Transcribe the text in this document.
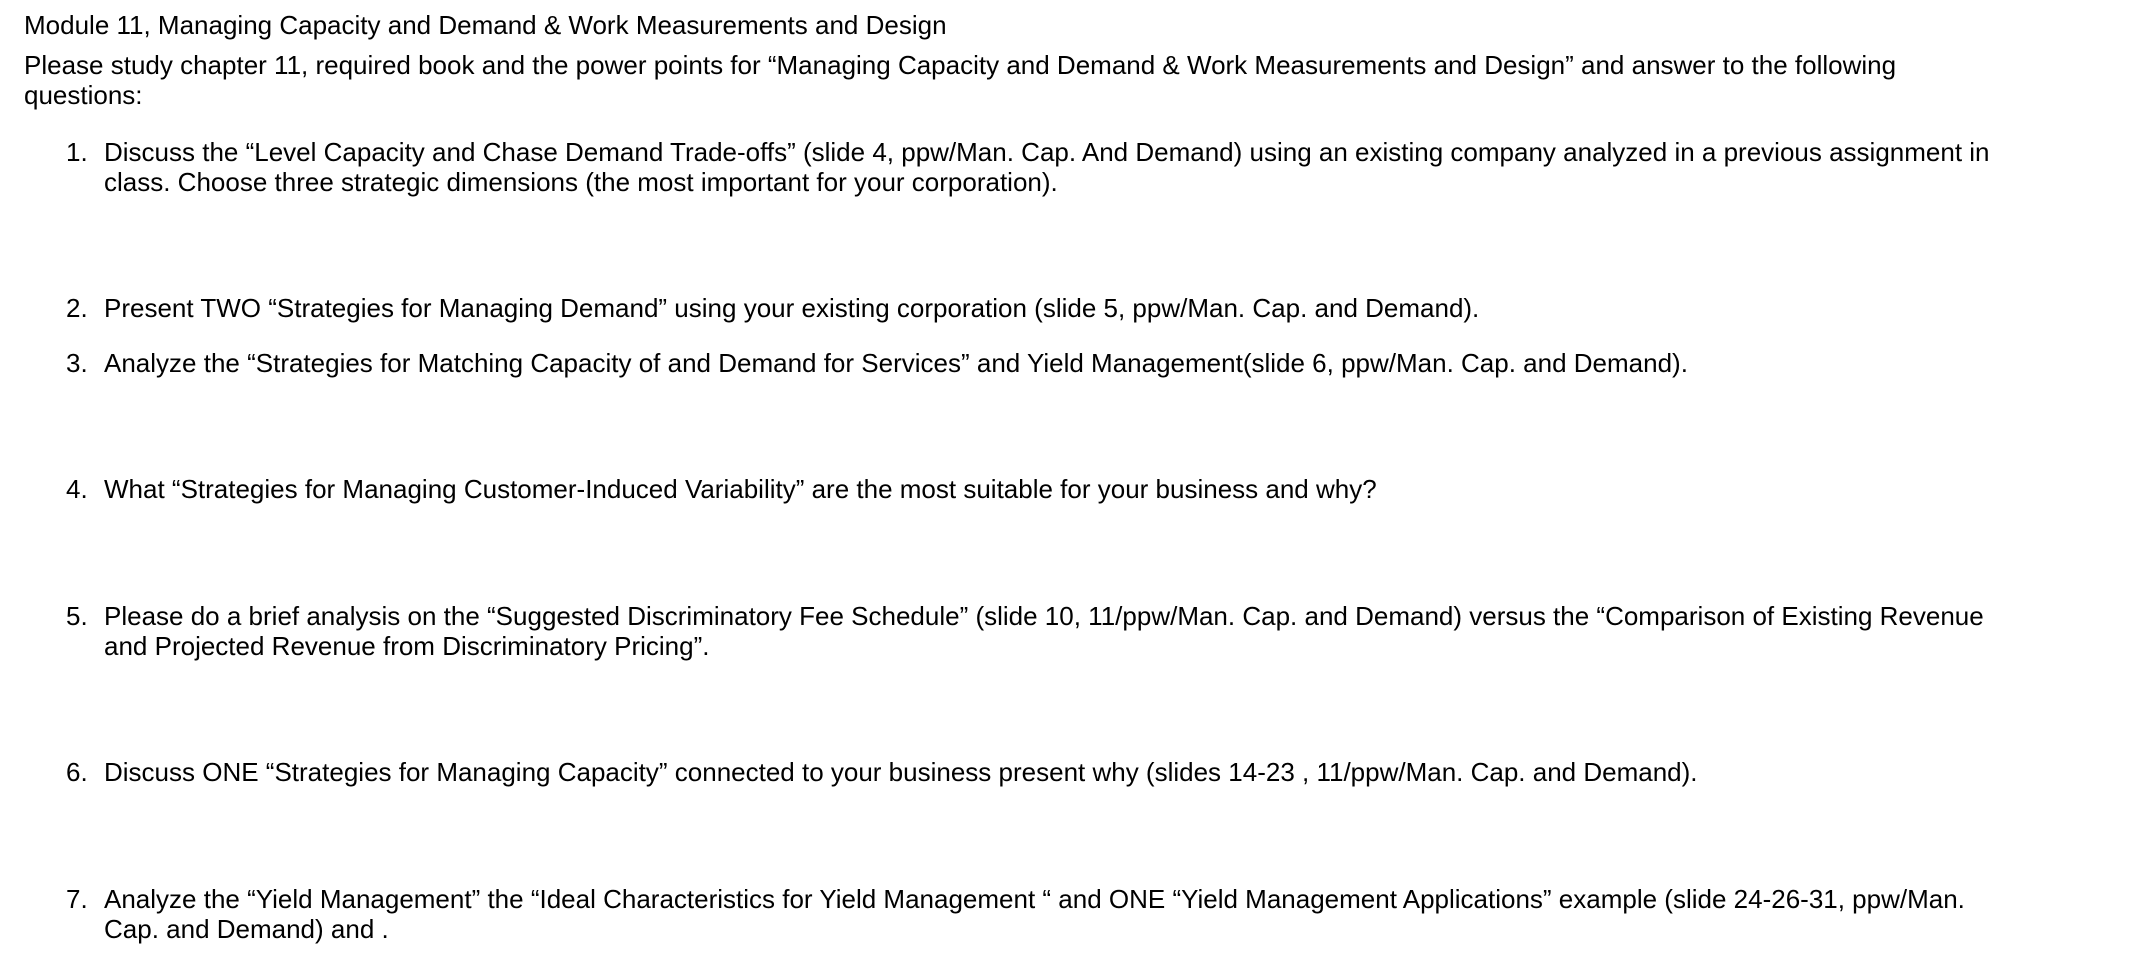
Module 11, Managing Capacity and Demand & Work Measurements and Design
Please study chapter 11, required book and the power points for “Managing Capacity and Demand & Work Measurements and Design” and answer to the following questions:
1. Discuss the “Level Capacity and Chase Demand Trade-offs” (slide 4, ppw/Man. Cap. And Demand) using an existing company analyzed in a previous assignment in class. Choose three strategic dimensions (the most important for your corporation).
2. Present TWO “Strategies for Managing Demand” using your existing corporation (slide 5, ppw/Man. Cap. and Demand).
3. Analyze the “Strategies for Matching Capacity of and Demand for Services” and Yield Management(slide 6, ppw/Man. Cap. and Demand).
4. What “Strategies for Managing Customer-Induced Variability” are the most suitable for your business and why?
5. Please do a brief analysis on the “Suggested Discriminatory Fee Schedule” (slide 10, 11/ppw/Man. Cap. and Demand) versus the “Comparison of Existing Revenue and Projected Revenue from Discriminatory Pricing”.
6. Discuss ONE “Strategies for Managing Capacity” connected to your business present why (slides 14-23 , 11/ppw/Man. Cap. and Demand).
7. Analyze the “Yield Management” the “Ideal Characteristics for Yield Management “ and ONE “Yield Management Applications” example (slide 24-26-31, ppw/Man. Cap. and Demand) and .
